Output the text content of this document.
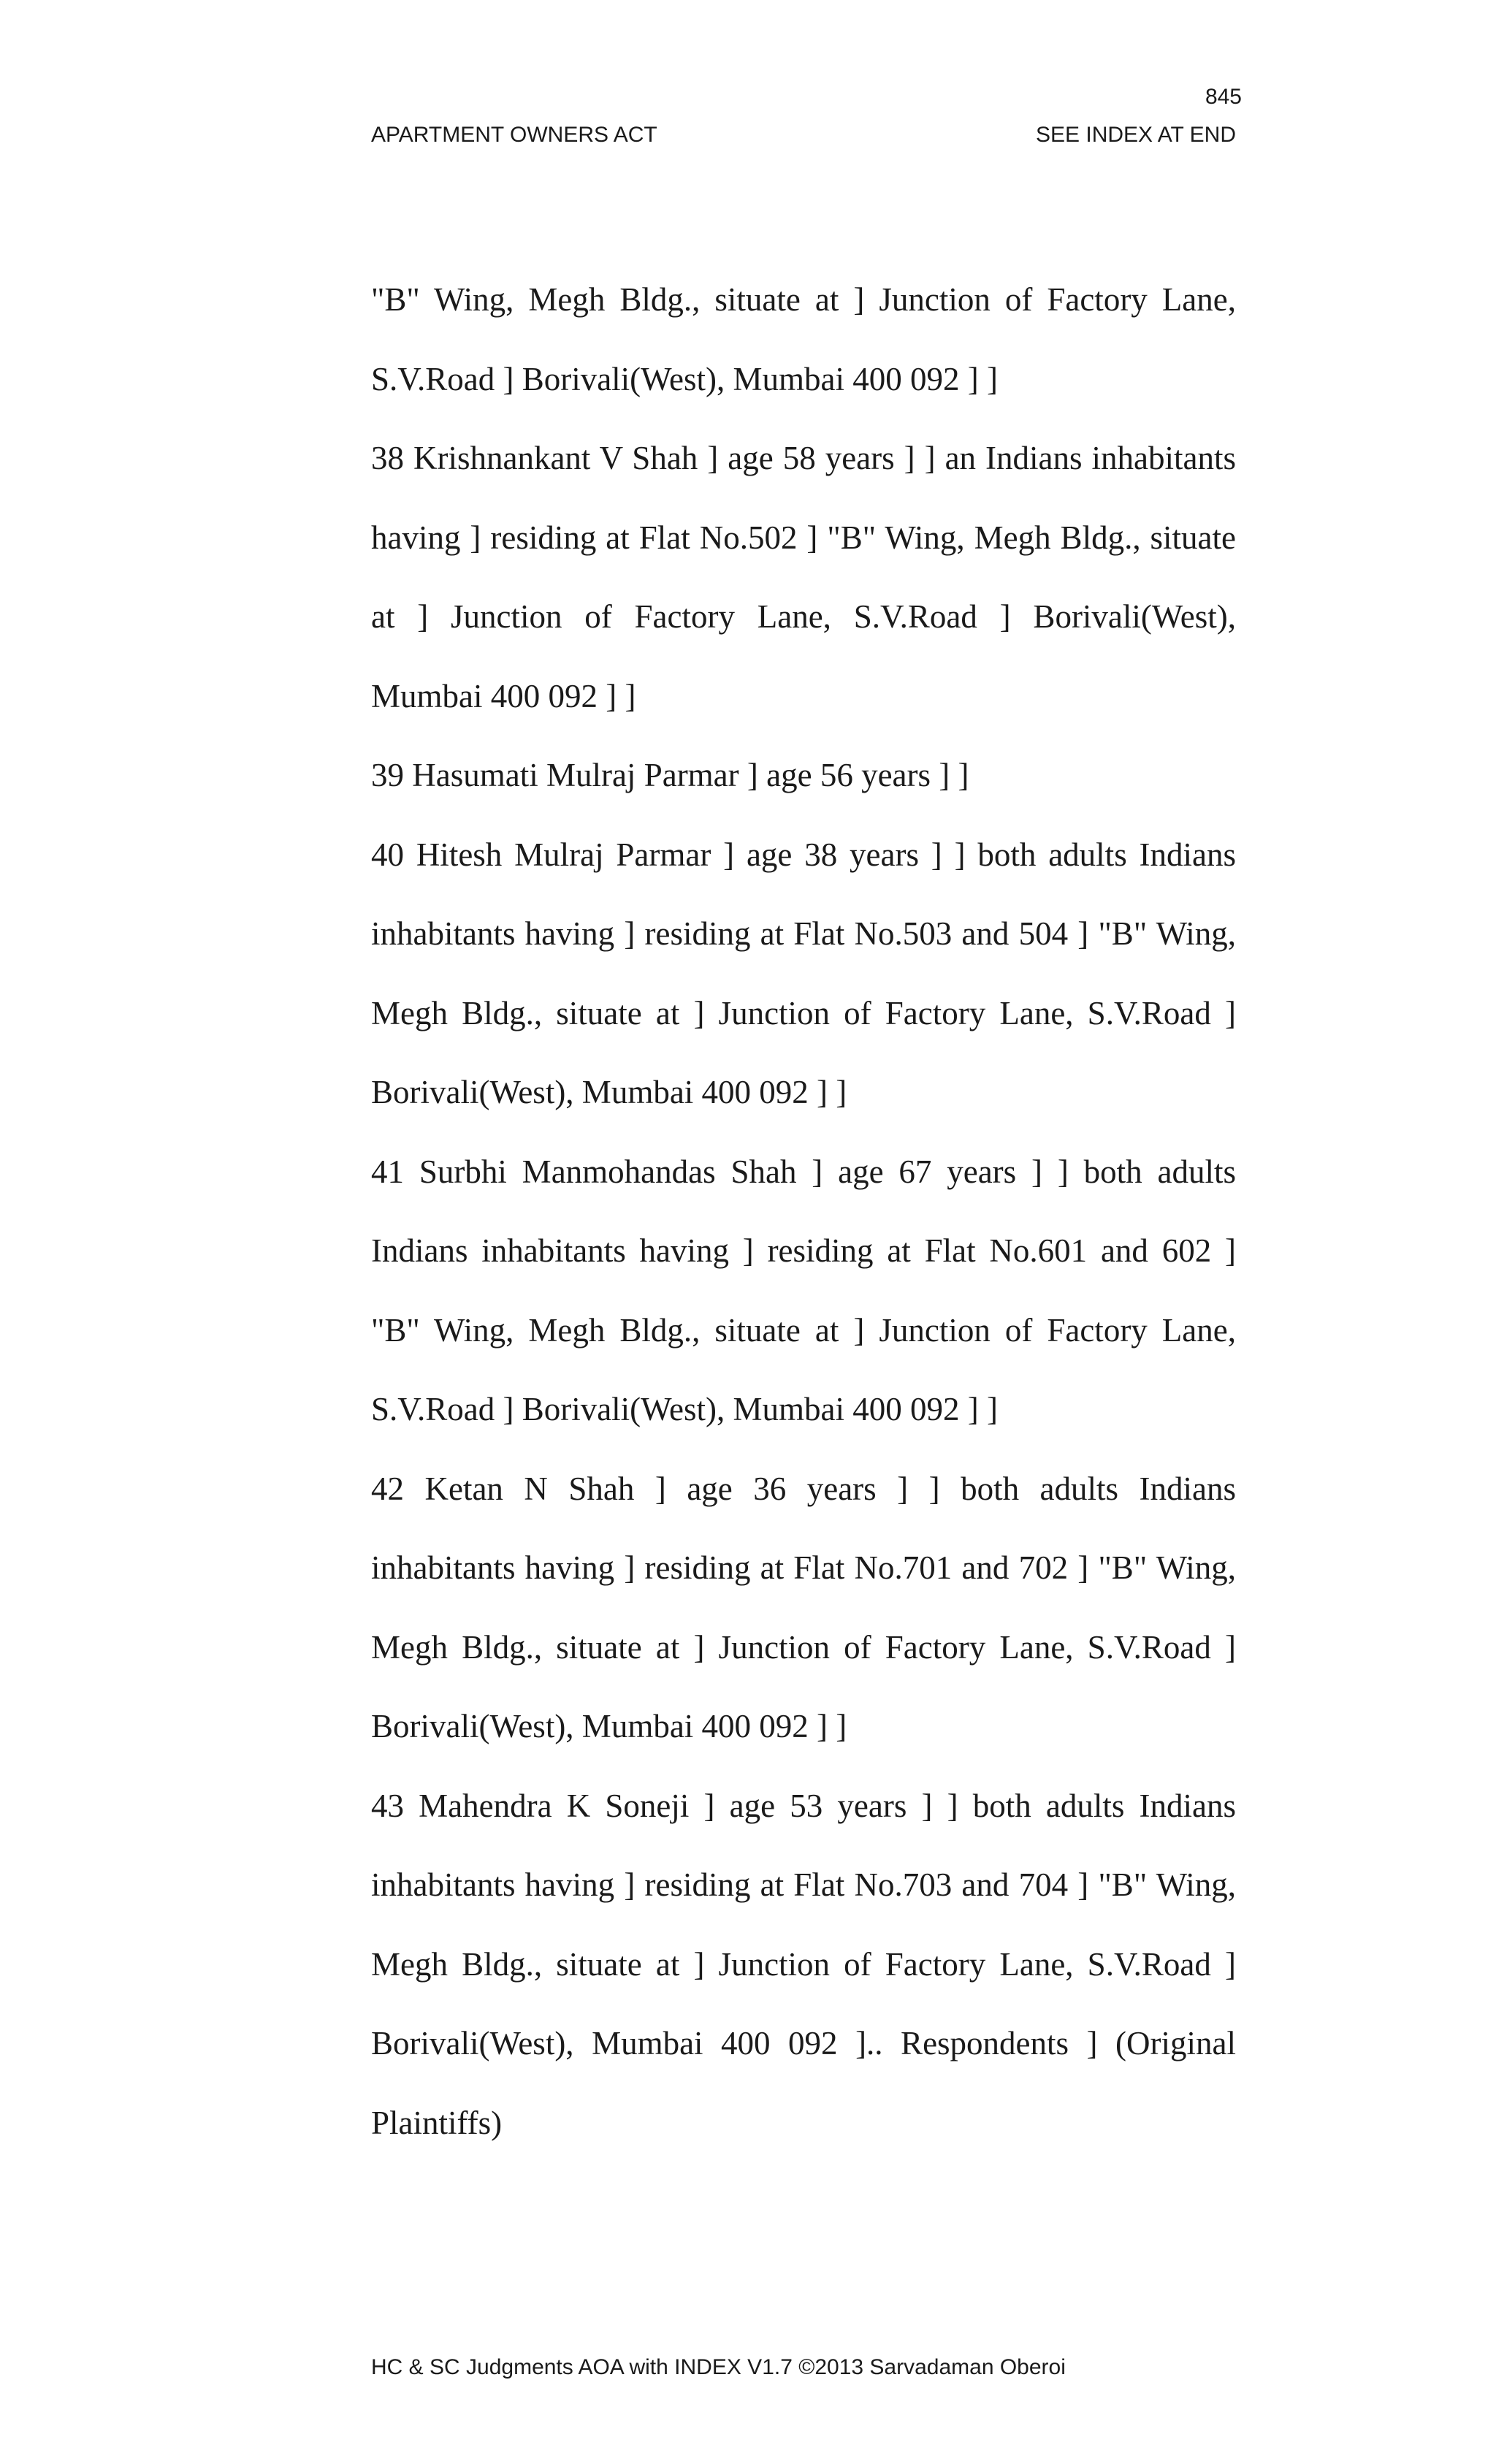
845
APARTMENT OWNERS ACT	SEE INDEX AT END

"B" Wing, Megh Bldg., situate at ] Junction of Factory Lane, S.V.Road ] Borivali(West), Mumbai 400 092 ] ]

38 Krishnankant V Shah ] age 58 years ] ] an Indians inhabitants having ] residing at Flat No.502 ] "B" Wing, Megh Bldg., situate at ] Junction of Factory Lane, S.V.Road ] Borivali(West), Mumbai 400 092 ] ]

39 Hasumati Mulraj Parmar ] age 56 years ] ]

40 Hitesh Mulraj Parmar ] age 38 years ] ] both adults Indians inhabitants having ] residing at Flat No.503 and 504 ] "B" Wing, Megh Bldg., situate at ] Junction of Factory Lane, S.V.Road ] Borivali(West), Mumbai 400 092 ] ]

41 Surbhi Manmohandas Shah ] age 67 years ] ] both adults Indians inhabitants having ] residing at Flat No.601 and 602 ] "B" Wing, Megh Bldg., situate at ] Junction of Factory Lane, S.V.Road ] Borivali(West), Mumbai 400 092 ] ]

42 Ketan N Shah ] age 36 years ] ] both adults Indians inhabitants having ] residing at Flat No.701 and 702 ] "B" Wing, Megh Bldg., situate at ] Junction of Factory Lane, S.V.Road ] Borivali(West), Mumbai 400 092 ] ]

43 Mahendra K Soneji ] age 53 years ] ] both adults Indians inhabitants having ] residing at Flat No.703 and 704 ] "B" Wing, Megh Bldg., situate at ] Junction of Factory Lane, S.V.Road ] Borivali(West), Mumbai 400 092 ].. Respondents ] (Original Plaintiffs)

HC & SC Judgments AOA with INDEX V1.7 ©2013 Sarvadaman Oberoi
